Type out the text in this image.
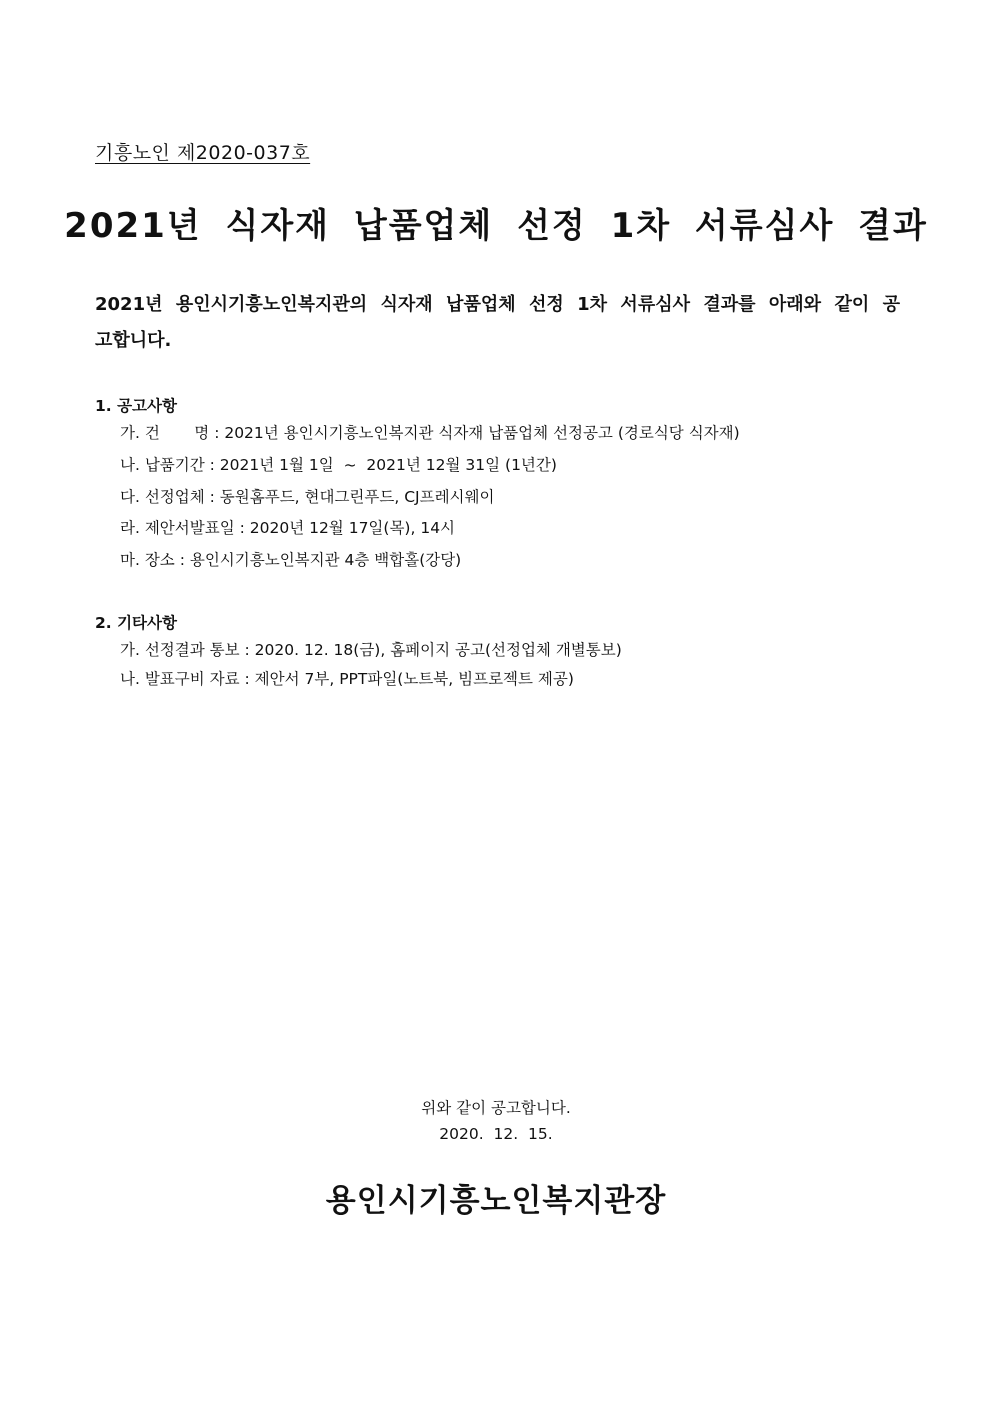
기흥노인 제2020-037호
2021년 식자재 납품업체 선정 1차 서류심사 결과
2021년 용인시기흥노인복지관의 식자재 납품업체 선정 1차 서류심사 결과를 아래와 같이 공고합니다.
1. 공고사항
가. 건       명 : 2021년 용인시기흥노인복지관 식자재 납품업체 선정공고 (경로식당 식자재)
나. 납품기간 : 2021년 1월 1일  ~  2021년 12월 31일 (1년간)
다. 선정업체 : 동원홈푸드, 현대그린푸드, CJ프레시웨이
라. 제안서발표일 : 2020년 12월 17일(목), 14시
마. 장소 : 용인시기흥노인복지관 4층 백합홀(강당)
2. 기타사항
가. 선정결과 통보 : 2020. 12. 18(금), 홈페이지 공고(선정업체 개별통보)
나. 발표구비 자료 : 제안서 7부, PPT파일(노트북, 빔프로젝트 제공)
위와 같이 공고합니다.
2020.  12.  15.
용인시기흥노인복지관장
